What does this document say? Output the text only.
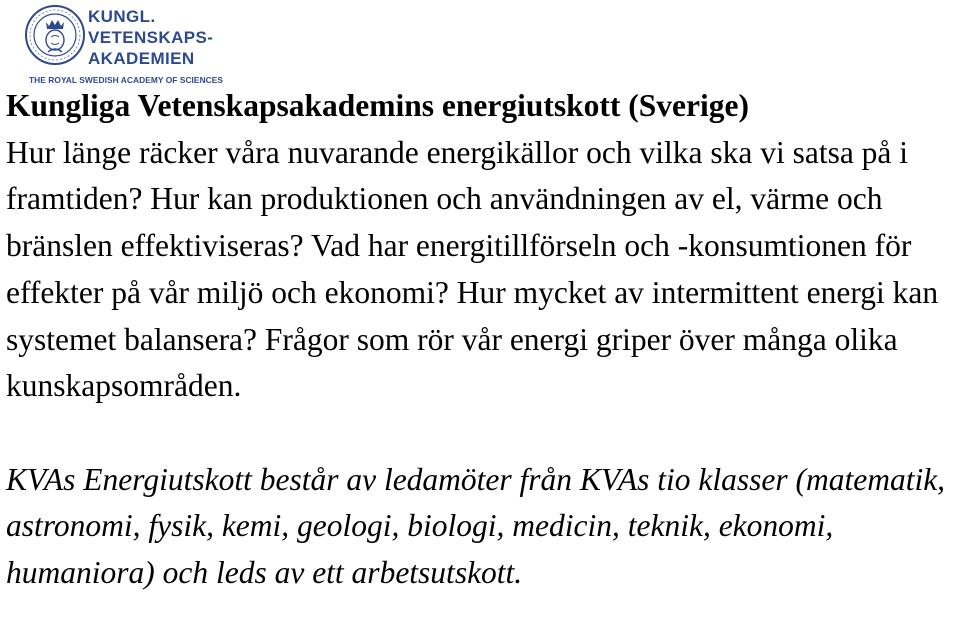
KUNGL.
VETENSKAPS-
AKADEMIEN
THE ROYAL SWEDISH ACADEMY OF SCIENCES

Kungliga Vetenskapsakademins energiutskott (Sverige)

Hur länge räcker våra nuvarande energikällor och vilka ska vi satsa på i framtiden? Hur kan produktionen och användningen av el, värme och bränslen effektiviseras? Vad har energitillförseln och -konsumtionen för effekter på vår miljö och ekonomi? Hur mycket av intermittent energi kan systemet balansera? Frågor som rör vår energi griper över många olika kunskapsområden.

KVAs Energiutskott består av ledamöter från KVAs tio klasser (matematik, astronomi, fysik, kemi, geologi, biologi, medicin, teknik, ekonomi, humaniora) och leds av ett arbetsutskott.
